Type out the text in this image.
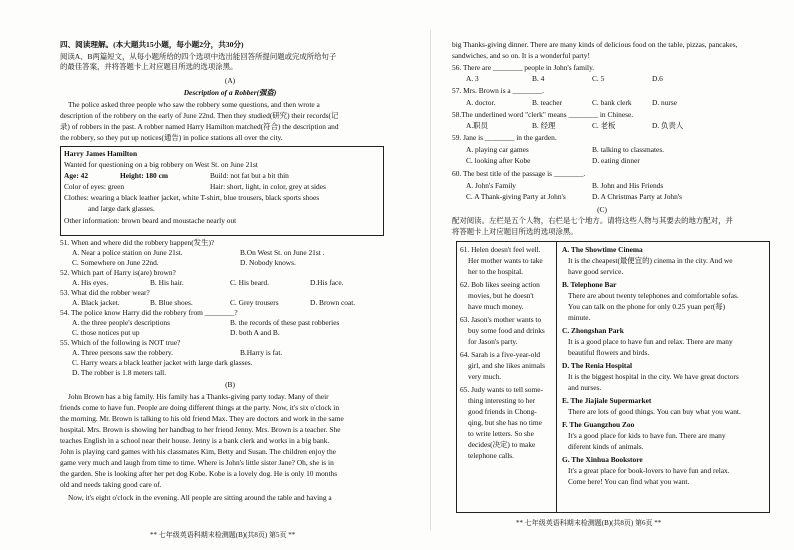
四、阅读理解。(本大题共15小题，每小题2分，共30分)
阅读A、B两篇短文，从每小题所给的四个选项中选出能回答所提问题或完成所给句子
的最佳答案，并将答题卡上对应题目所选的选项涂黑。
(A)
Description of a Robber(强盗)
The police asked three people who saw the robbery some questions, and then wrote a
description of the robbery on the early of June 22nd. Then they studied(研究) their records(记
录) of robbers in the past. A robber named Harry Hamilton matched(符合) the description and
the robbery, so they put up notices(通告) in police stations all over the city.
Harry James Hamilton
Wanted for questioning on a big robbery on West St. on June 21st
Age: 42	Height: 180 cm	Build: not fat but a bit thin
Color of eyes: green	Hair: short, light, in color, grey at sides
Clothes: wearing a black leather jacket, white T-shirt, blue trousers, black sports shoes
and large dark glasses.
Other information: brown beard and moustache nearly out
51. When and where did the robbery happen(发生)?
A. Near a police station on June 21st.	B.On West St. on June 21st .
C. Somewhere on June 22nd.	D. Nobody knows.
52. Which part of Harry is(are) brown?
A. His eyes.	B. His hair.	C. His beard.	D.His face.
53. What did the robber wear?
A. Black jacket.	B. Blue shoes.	C. Grey trousers	D. Brown coat.
54. The police know Harry did the robbery from ________?
A. the three people's descriptions	B. the records of these past robberies
C. those notices put up	D. both A and B.
55. Which of the following is NOT true?
A. Three persons saw the robbery.	B.Harry is fat.
C. Harry wears a black leather jacket with large dark glasses.
D. The robber is 1.8 meters tall.
(B)
John Brown has a big family. His family has a Thanks-giving party today. Many of their
friends come to have fun. People are doing different things at the party. Now, it's six o'clock in
the morning. Mr. Brown is talking to his old friend Max. They are doctors and work in the same
hospital. Mrs. Brown is showing her handbag to her friend Jenny. Mrs. Brown is a teacher. She
teaches English in a school near their house. Jenny is a bank clerk and works in a big bank.
John is playing card games with his classmates Kim, Betty and Susan. The children enjoy the
game very much and laugh from time to time. Where is John's little sister Jane? Oh, she is in
the garden. She is looking after her pet dog Kobe. Kobe is a lovely dog. He is only 10 months
old and needs taking good care of.
Now, it's eight o'clock in the evening. All people are sitting around the table and having a
** 七年级英语科期末检测题(B)(共8页) 第5页 **
big Thanks-giving dinner. There are many kinds of delicious food on the table, pizzas, pancakes,
sandwiches, and so on. It is a wonderful party!
56. There are ________ people in John's family.
A. 3	B. 4	C. 5	D.6
57. Mrs. Brown is a ________.
A. doctor.	B. teacher	C. bank clerk	D. nurse
58.The underlined word "clerk" means ________ in Chinese.
A.职员	B. 经理	C. 老板	D. 负责人
59. Jane is ________ in the garden.
A. playing car games	B. talking to classmates.
C. looking after Kobe	D. eating dinner
60. The best title of the passage is ________.
A. John's Family	B. John and His Friends
C. A Thank-giving Party at John's	D. A Christmas Party at John's
(C)
配对阅读。左栏是五个人物，右栏是七个地方。请将这些人物与其要去的地方配对，并
将答题卡上对应题目所选的选项涂黑。
61. Helen doesn't feel well.
Her mother wants to take
her to the hospital.
62. Bob likes seeing action
movies, but he doesn't
have much money.
63. Jason's mother wants to
buy some food and drinks
for Jason's party.
64. Sarah is a five-year-old
girl, and she likes animals
very much.
65. Judy wants to tell some-
thing interesting to her
good friends in Chong-
qing, but she has no time
to write letters. So she
decides(决定) to make
telephone calls.
A. The Showtime Cinema
It is the cheapest(最便宜的) cinema in the city. And we
have good service.
B. Telephone Bar
There are about twenty telephones and comfortable sofas.
You can talk on the phone for only 0.25 yuan per(每)
minute.
C. Zhongshan Park
It is a good place to have fun and relax. There are many
beautiful flowers and birds.
D. The Renia Hospital
It is the biggest hospital in the city. We have great doctors
and nurses.
E. The Jiajiale Supermarket
There are lots of good things. You can buy what you want.
F. The Guangzhou Zoo
It's a good place for kids to have fun. There are many
diferent kinds of animals.
G. The Xinhua Bookstore
It's a great place for book-lovers to have fun and relax.
Come here! You can find what you want.
** 七年级英语科期末检测题(B)(共8页) 第6页 **
